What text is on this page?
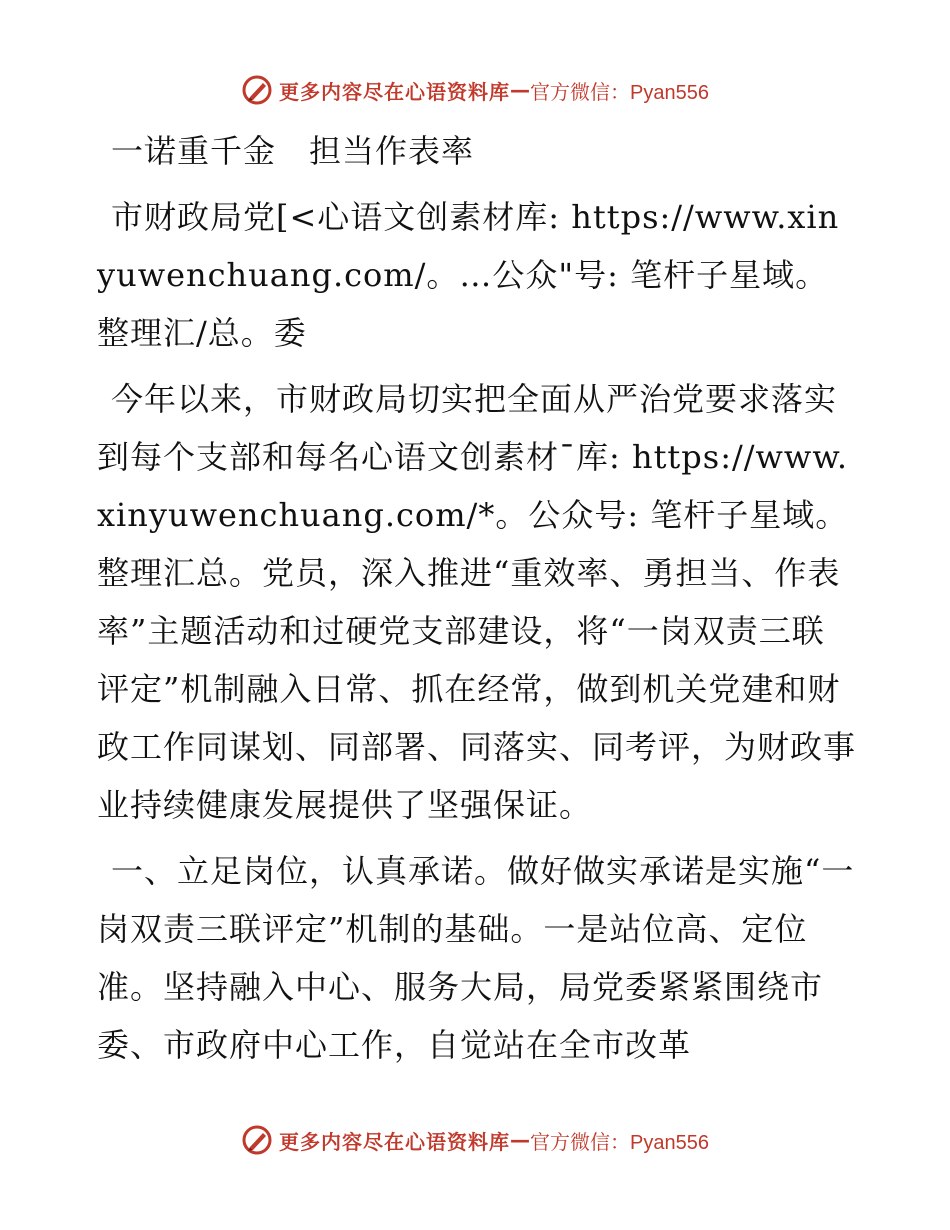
更多内容尽在心语资料库 — 官方微信：Pyan556

一诺重千金　担当作表率

市财政局党[<心语文创素材库: https://www.xinyuwenchuang.com/。…公众"号: 笔杆子星域。整理汇/总。委

今年以来，市财政局切实把全面从严治党要求落实到每个支部和每名心语文创素材¯库: https://www.xinyuwenchuang.com/*。公众号: 笔杆子星域。整理汇总。党员，深入推进“重效率、勇担当、作表率”主题活动和过硬党支部建设，将“一岗双责三联评定”机制融入日常、抓在经常，做到机关党建和财政工作同谋划、同部署、同落实、同考评，为财政事业持续健康发展提供了坚强保证。

一、立足岗位，认真承诺。做好做实承诺是实施“一岗双责三联评定”机制的基础。一是站位高、定位准。坚持融入中心、服务大局，局党委紧紧围绕市委、市政府中心工作，自觉站在全市改革

更多内容尽在心语资料库 — 官方微信：Pyan556
